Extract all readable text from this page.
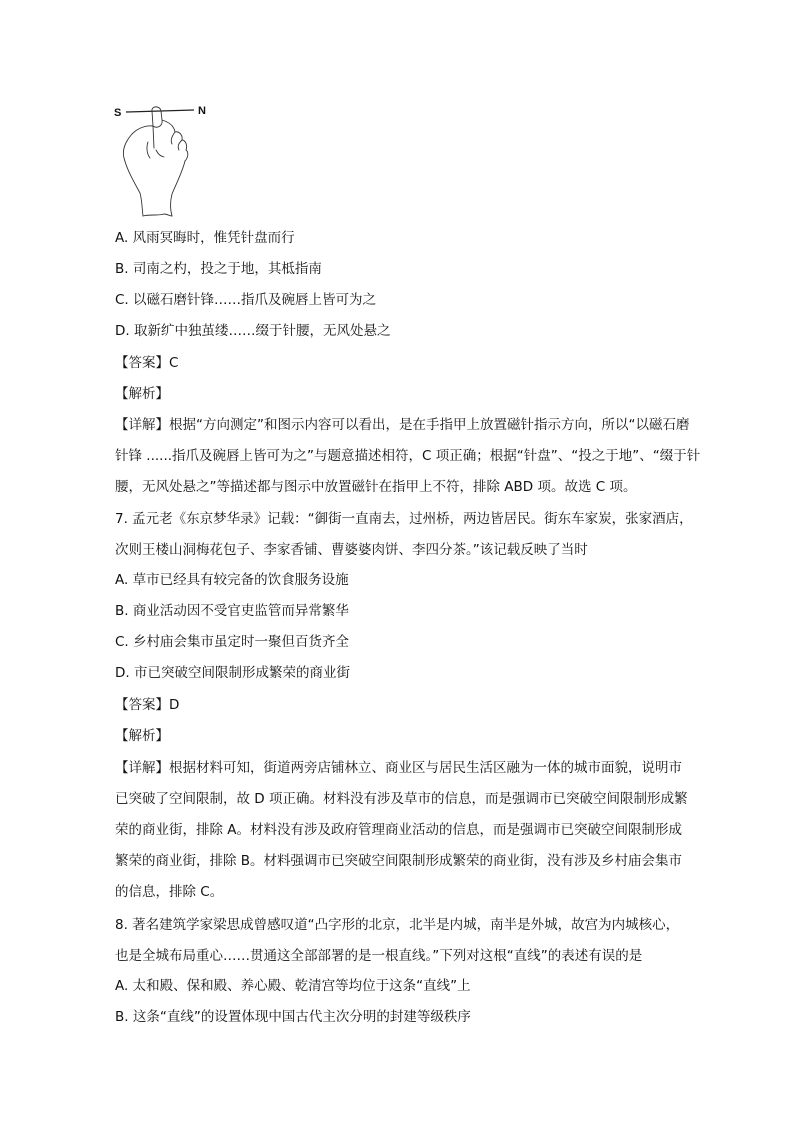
S	N
A. 风雨冥晦时，惟凭针盘而行
B. 司南之杓，投之于地，其柢指南
C. 以磁石磨针锋……指爪及碗唇上皆可为之
D. 取新纩中独茧缕……缀于针腰，无风处悬之
【答案】C
【解析】
【详解】根据“方向测定”和图示内容可以看出，是在手指甲上放置磁针指示方向，所以“以磁石磨
针锋 ......指爪及碗唇上皆可为之”与题意描述相符，C 项正确；根据“针盘”、“投之于地”、“缀于针
腰，无风处悬之”等描述都与图示中放置磁针在指甲上不符，排除 ABD 项。故选 C 项。
7. 孟元老《东京梦华录》记载：“御街一直南去，过州桥，两边皆居民。街东车家炭，张家酒店，
次则王楼山洞梅花包子、李家香铺、曹婆婆肉饼、李四分茶。”该记载反映了当时
A. 草市已经具有较完备的饮食服务设施
B. 商业活动因不受官吏监管而异常繁华
C. 乡村庙会集市虽定时一聚但百货齐全
D. 市已突破空间限制形成繁荣的商业街
【答案】D
【解析】
【详解】根据材料可知，街道两旁店铺林立、商业区与居民生活区融为一体的城市面貌，说明市
已突破了空间限制，故 D 项正确。材料没有涉及草市的信息，而是强调市已突破空间限制形成繁
荣的商业街，排除 A。材料没有涉及政府管理商业活动的信息，而是强调市已突破空间限制形成
繁荣的商业街，排除 B。材料强调市已突破空间限制形成繁荣的商业街，没有涉及乡村庙会集市
的信息，排除 C。
8. 著名建筑学家梁思成曾感叹道“凸字形的北京，北半是内城，南半是外城，故宫为内城核心，
也是全城布局重心……贯通这全部部署的是一根直线。”下列对这根“直线”的表述有误的是
A. 太和殿、保和殿、养心殿、乾清宫等均位于这条“直线”上
B. 这条“直线”的设置体现中国古代主次分明的封建等级秩序
